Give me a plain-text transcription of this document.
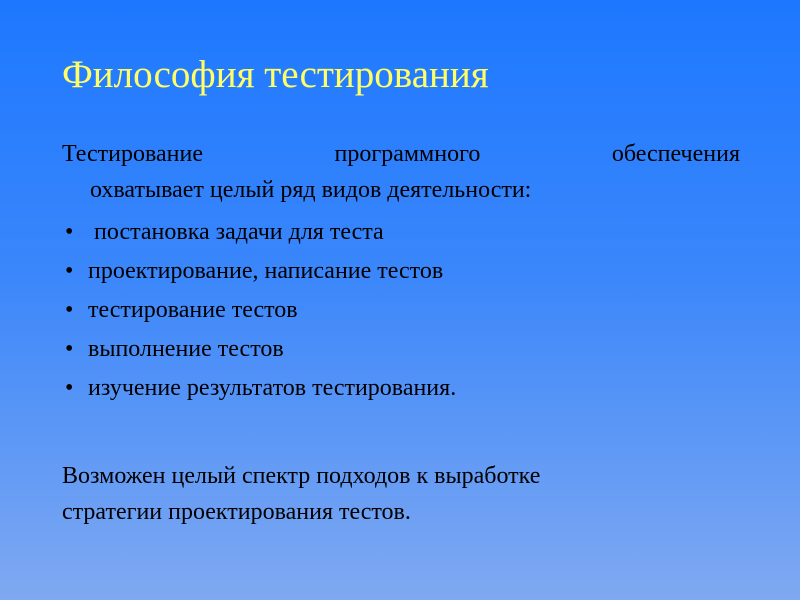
Философия тестирования
Тестирование	программного	обеспечения
охватывает целый ряд видов деятельности:
• постановка задачи для теста
• проектирование, написание тестов
• тестирование тестов
• выполнение тестов
• изучение результатов тестирования.
Возможен целый спектр подходов к выработке
стратегии проектирования тестов.
